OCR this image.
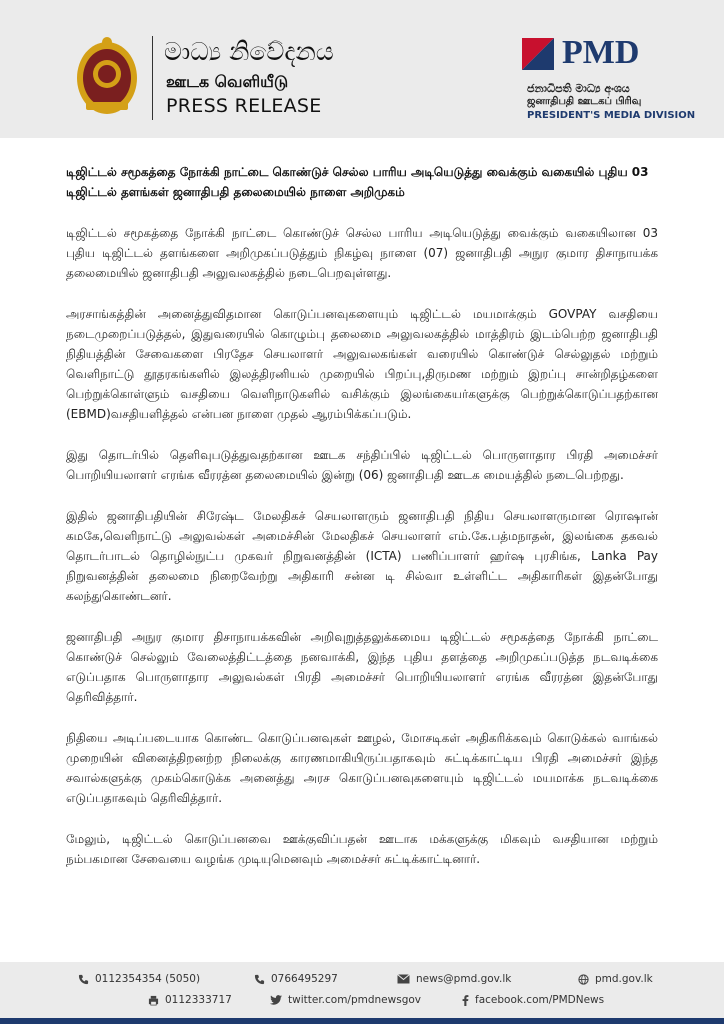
මාධ්‍ය නිවේදනය
ஊடக வெளியீடு
PRESS RELEASE
PMD
ජනාධිපති මාධ්‍ය අංශය
ஜனாதிபதி ஊடகப் பிரிவு
PRESIDENT'S MEDIA DIVISION
டிஜிட்டல் சமூகத்தை நோக்கி நாட்டை கொண்டுச் செல்ல பாரிய அடியெடுத்து வைக்கும் வகையில் புதிய 03 டிஜிட்டல் தளங்கள் ஜனாதிபதி தலைமையில் நாளை அறிமுகம்

டிஜிட்டல் சமூகத்தை நோக்கி நாட்டை கொண்டுச் செல்ல பாரிய அடியெடுத்து வைக்கும் வகையிலான 03 புதிய டிஜிட்டல் தளங்களை அறிமுகப்படுத்தும் நிகழ்வு நாளை (07) ஜனாதிபதி அநுர குமார திசாநாயக்க தலைமையில் ஜனாதிபதி அலுவலகத்தில் நடைபெறவுள்ளது.

அரசாங்கத்தின் அனைத்துவிதமான கொடுப்பனவுகளையும் டிஜிட்டல் மயமாக்கும் GOVPAY வசதியை நடைமுறைப்படுத்தல், இதுவரையில் கொழும்பு தலைமை அலுவலகத்தில் மாத்திரம் இடம்பெற்ற ஜனாதிபதி நிதியத்தின் சேவைகளை பிரதேச செயலாளர் அலுவலகங்கள் வரையில் கொண்டுச் செல்லுதல் மற்றும் வெளிநாட்டு தூதரகங்களில் இலத்திரனியல் முறையில் பிறப்பு,திருமண மற்றும் இறப்பு சான்றிதழ்களை பெற்றுக்கொள்ளும் வசதியை வெளிநாடுகளில் வசிக்கும் இலங்கையர்களுக்கு பெற்றுக்கொடுப்பதற்கான (EBMD)வசதியளித்தல் என்பன நாளை முதல் ஆரம்பிக்கப்படும்.

இது தொடர்பில் தெளிவுபடுத்துவதற்கான ஊடக சந்திப்பில் டிஜிட்டல் பொருளாதார பிரதி அமைச்சர் பொறியியலாளர் எரங்க வீரரத்ன தலைமையில் இன்று (06) ஜனாதிபதி ஊடக மையத்தில் நடைபெற்றது.

இதில் ஜனாதிபதியின் சிரேஷ்ட மேலதிகச் செயலாளரும் ஜனாதிபதி நிதிய செயலாளருமான ரொஷான் கமகே,வெளிநாட்டு அலுவல்கள் அமைச்சின் மேலதிகச் செயலாளர் எம்.கே.பத்மநாதன், இலங்கை தகவல் தொடர்பாடல் தொழில்நுட்ப முகவர் நிறுவனத்தின் (ICTA) பணிப்பாளர் ஹர்ஷ புரசிங்க, Lanka Pay நிறுவனத்தின் தலைமை நிறைவேற்று அதிகாரி சன்ன டி சில்வா உள்ளிட்ட அதிகாரிகள் இதன்போது கலந்துகொண்டனர்.

ஜனாதிபதி அநுர குமார திசாநாயக்கவின் அறிவுறுத்தலுக்கமைய டிஜிட்டல் சமூகத்தை நோக்கி நாட்டை கொண்டுச் செல்லும் வேலைத்திட்டத்தை நனவாக்கி, இந்த புதிய தளத்தை அறிமுகப்படுத்த நடவடிக்கை எடுப்பதாக பொருளாதார அலுவல்கள் பிரதி அமைச்சர் பொறியியலாளர் எரங்க வீரரத்ன இதன்போது தெரிவித்தார்.

நிதியை அடிப்படையாக கொண்ட கொடுப்பனவுகள் ஊழல், மோசடிகள் அதிகரிக்கவும் கொடுக்கல் வாங்கல் முறையின் வினைத்திறனற்ற நிலைக்கு காரணமாகியிருப்பதாகவும் சுட்டிக்காட்டிய பிரதி அமைச்சர் இந்த சவால்களுக்கு முகம்கொடுக்க அனைத்து அரச கொடுப்பனவுகளையும் டிஜிட்டல் மயமாக்க நடவடிக்கை எடுப்பதாகவும் தெரிவித்தார்.

மேலும், டிஜிட்டல் கொடுப்பனவை ஊக்குவிப்பதன் ஊடாக மக்களுக்கு மிகவும் வசதியான மற்றும் நம்பகமான சேவையை வழங்க முடியுமெனவும் அமைச்சர் சுட்டிக்காட்டினார்.

0112354354 (5050)	0766495297	news@pmd.gov.lk	pmd.gov.lk
0112333717	twitter.com/pmdnewsgov	facebook.com/PMDNews
